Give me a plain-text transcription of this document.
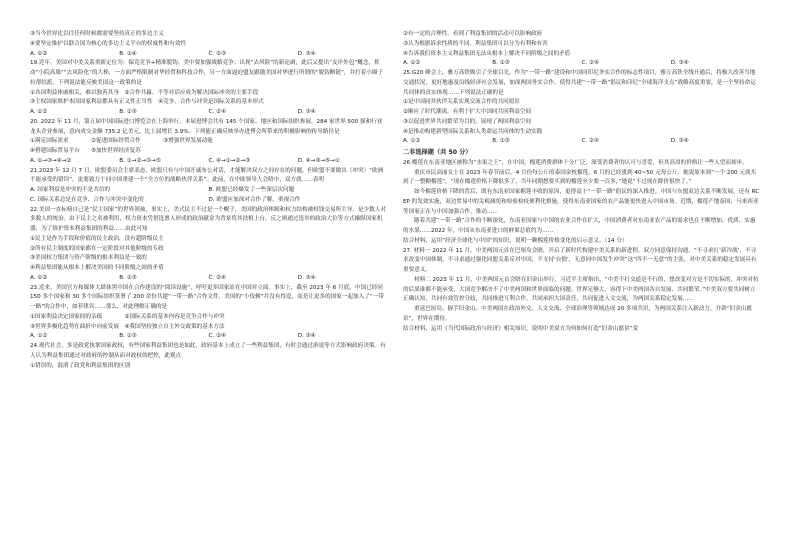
③当今世界比以往任何时候都需要坚持真正的多边主义

④要坚定维护以联合国为核心的多边主义平台的权威性和有效性

A. ①②	B. ①④	C. ②③	D. ③④

19.近年，美国对中美关系重新定位为：保竞竞争+精准脱钩。美中要加强战略竞争；出现“去风险”的新论调，此后又提出“友岸外包”概念，挥动“小院高墙”“去风险化”的大棒，一方面严格限制对华经贸和科技合作，另一方面逼迫盟友跟随美国对华进行所谓的“脱钩断链”，并打着小圈子拉帮结派。下列说法能反映美国这一政策的是

①各国利益休戚相关，难以独善其身　②合作共赢、平等对话应成为解决国际冲突的主要手段

③主权国家维护本国国家利益都具有正义性正当性　④竞争、合作与冲突是国际关系的基本形式

A. ①②	B. ①③	C. ②④	D. ③④

20. 2022 年 11 月，第五届中国国际进口博览会在上海举行。本届进博会共有 145 个国家、地区和国际组织参展，284 家世界 500 强和行业龙头企业参展，意向成交金额 735.2 亿美元，比上届增长 3.9%。下列能正确反映举办进博会所带来的积极影响的传导路径是

①满足国际需求　　　　②促进国际经贸合作　　　　③增强世界发展动能

④搭建国际贸易平台　　⑤加快世界经济复苏

A. ①→③→④→②	B. ①→②→③→⑤	C. ④→①→②→③	D. ④→③→⑤→①

21.2023 年 12 月 7 日，欧盟委员会主席表态，欧盟只有与中国开诚布公对话，才能解决双方之间存在的问题，但欧盟不要做出（冲突）“欧洲不能承受的错误”，更要致力于同中国重建一个“全方位的战略伙伴关系”。此前，在中欧领导人会晤中，双方就……表明

A. 国家利益是冲突的不是共信的	B. 欧盟已经爆发了一些深层次问题
C. 国际关系总是在竞争、合作与冲突中变化的	D. 欧盟应加深对合作了解，重视合作

22.美国一直标榜自己是“民主国家”的世界领袖，事实上，美式民主不过是一个幌子，美国的政治体制和权力结构被权钱交易所主导，是少数人对多数人的统治。由于民主之名被利用，权力资本凭借选票人形成的政治献金为背景将其扶植上台，反之则通过选举的政治大位等方式操纵国家机器，为了维护资本利益集团的利益……由此可知

①民主是作为手段和价值的民主政治，没有超阶级民主

②所有民主制度的国家都在一定阶段对其他阶级的专政

③美国权力集团与资产阶级的根本利益是一致的

④利益集团能从根本上解决美国的不同阶级之间的矛盾

A. ①②	B. ①③	C. ②④	D. ③④

23.近来，美国官方和媒体大肆抹黑中国在合作建设的“阅读设施”，呼吁更多国家站在中国对立面。事实上，截至 2023 年 6 月底，中国已经同 150 多个国家和 30 多个国际组织签署了 200 余份共建“一带一路”合作文件，美国的“小伎俩”并没有得逞，而是让更多的国家一起加入了“一带一路”的合作中，如菲律宾……那么，对此理解正确的是

①国家利益决定国家间的亲疏　　　　②国际关系的基本内容是竞争合作与冲突

③世界多极化趋势在曲折中向前发展　④我国坚持独立自主外交政策的基本方法

A. ①②	B. ①③	C. ②④	D. ③④

24.现代社会，多是政党执掌国家政权，有些国家利益集团也是如此，政府基本上成立了一些利益集团，有时会通过游说等方式影响政府决策。有人认为利益集团通过对政府的控制从而对政权的把控，此观点

①错误的，混淆了政党和利益集团的区别

②有一定的合理性，看到了利益集团的活动可以影响政府

③认为根据诉求性质的不同，利益集团可以分为有利和有害

④告诉我们资本主义利益集团无法从根本上解决不同阶级之间的矛盾

A. ①②	B. ①③	C. ②④	D. ③④

25.G20 峰会上，雅万高铁吸引了全球目光。作为“一带一路”建设和中国同印尼务实合作的标志性项目，雅万高铁全线开通后，将极大改善当地交通状况，更好地惠及沿线经济社会发展，加深两国务实合作。使得共建“一带一路”倡议和印尼“全球海洋支点”战略高度重要，是一个坚持命运共同体的真实体现……下列说法正确的是

①是中国同其伙伴关系实现交流合作的共同愿景

②顺应了时代潮流，有利于扩大中国同共同利益空间

③以促进世界共同繁荣为目的，展现了两国利益空间

④是推动构建新型国际关系和人类命运共同体的生动实践

A. ①②	B. ①③	C. ②④	D. ③④

二非选择题（共 50 分）

26.榴莲在东南亚地区被称为“水果之王”，在中国，榴莲消费群体十分广泛，深受消费者的认可与喜爱，但其高昂的价格让一些人望而却步。

重庆市民高丽女士在 2023 年春节前后，4 月份每公斤的泰国金枕榴莲，6 月的已经涨到 40~50 元每公斤，她说原本到“一个 200 元就买到了一整颗榴莲”，“现在榴莲价格下降很多了，当年同期想要买到的榴莲至少要一百多，”她说“不过现在降价很快了。”

如今榴莲价格下降的背后，既有东南亚国家榴莲丰收的原因，更得益于“一带一路”倡议的深入推进。中国与东盟双边关系不断发展，还有 RCEP 的发效实施，双边贸易中的关税减免和检验检疫便利化措施，使得东南亚国家的农产品能更快进入中国市场。近期，榴莲产地泰国、马来西亚等国家正在与中国加强合作，推动……

随着共建“一带一路”合作的不断深化，东南亚国家与中国的农业合作在扩大，中国消费者对东南亚农产品的需求也在不断增加，优质、实惠的水果……2022 年，中国从东南亚进口的鲜果总值约为……

结合材料，运用“经济全球化与中国”的知识，说明一颗榴莲价格变化的启示意义。（14 分）

27. 材料一 2022 年 11 月，中美两国元首在巴厘岛会晤，开启了新时代构建中美关系的新进程。双方同意保持沟通，“不寻求打‘新冷战’，不寻求改变中国体制，不寻求通过强化同盟关系反对中国，不支持‘台独’，无意同中国发生冲突”这“四不一无意”的主张，对中美关系的稳定发展具有重要意义。

材料二 2023 年 11 月，中美两国元首会晤在旧金山举行，习近平主席指出，“中美不打交道是不行的，想改变对方是不切实际的，冲突对抗的后果谁都不能承受，大国竞争解决不了中美两国和世界面临的问题。世界足够大，容得下中美两国各自发展、共同繁荣。”中美双方要共同树立正确认知，共同有效管控分歧，共同推进互利合作，共同承担大国责任，共同促进人文交流，为两国关系稳定发展……

重返巴厘岛，握手旧金山。中美两国在政治外交、人文交流、全球治理等领域达成 20 多项共识，为两国关系注入新动力，开辟“旧金山愿景”，世界在期待。

结合材料，运用《当代国际政治与经济》相关知识，说明中美双方为何如何打造“旧金山愿景”变
